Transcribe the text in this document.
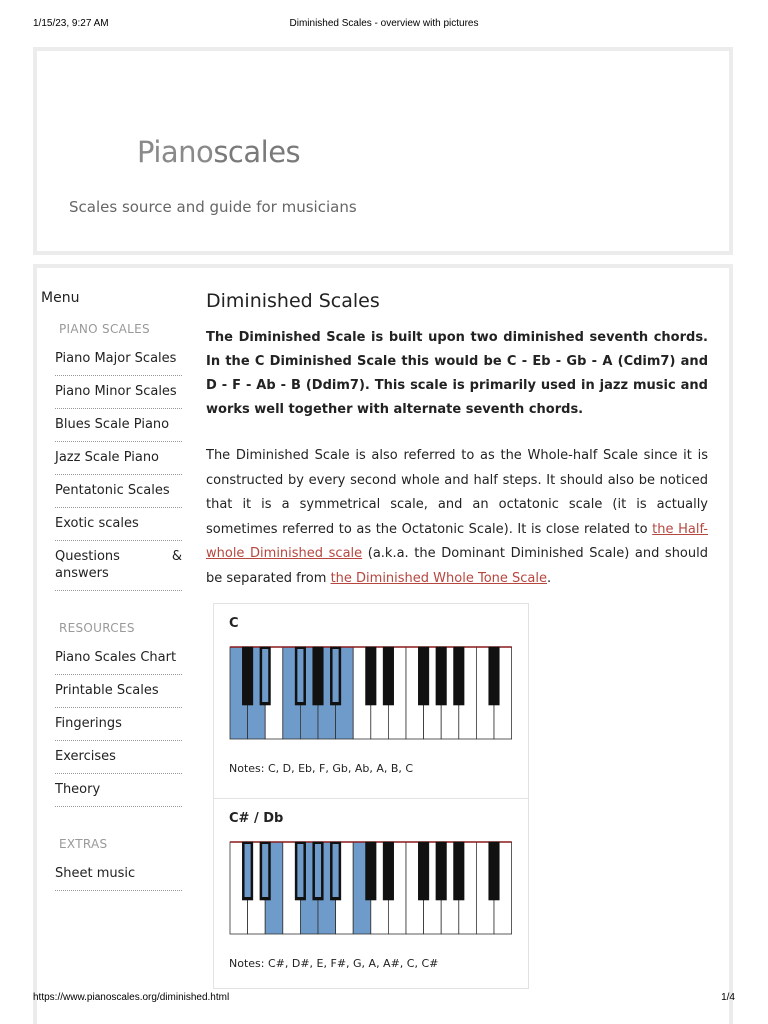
1/15/23, 9:27 AM	Diminished Scales - overview with pictures
Pianoscales
Scales source and guide for musicians
Menu
PIANO SCALES
Piano Major Scales
Piano Minor Scales
Blues Scale Piano
Jazz Scale Piano
Pentatonic Scales
Exotic scales
Questions & answers
RESOURCES
Piano Scales Chart
Printable Scales
Fingerings
Exercises
Theory
EXTRAS
Sheet music
Diminished Scales

The Diminished Scale is built upon two diminished seventh chords. In the C Diminished Scale this would be C - Eb - Gb - A (Cdim7) and D - F - Ab - B (Ddim7). This scale is primarily used in jazz music and works well together with alternate seventh chords.

The Diminished Scale is also referred to as the Whole-half Scale since it is constructed by every second whole and half steps. It should also be noticed that it is a symmetrical scale, and an octatonic scale (it is actually sometimes referred to as the Octatonic Scale). It is close related to the Half-whole Diminished scale (a.k.a. the Dominant Diminished Scale) and should be separated from the Diminished Whole Tone Scale.

C
Notes: C, D, Eb, F, Gb, Ab, A, B, C
C# / Db
Notes: C#, D#, E, F#, G, A, A#, C, C#
https://www.pianoscales.org/diminished.html	1/4
